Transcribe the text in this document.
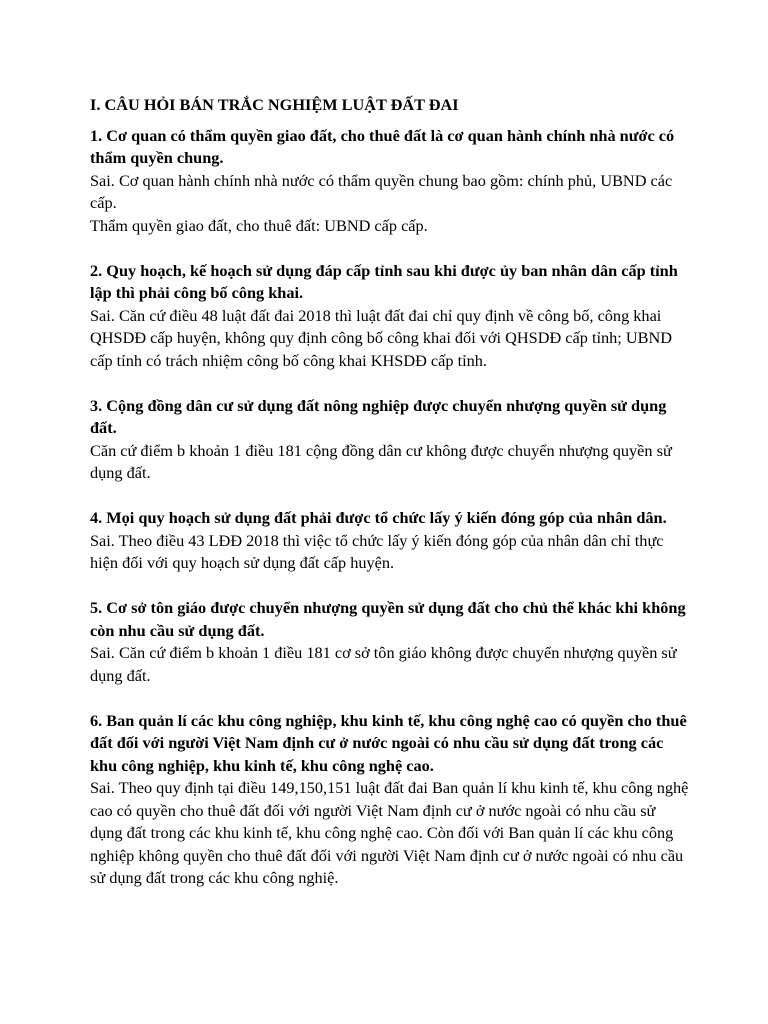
I. CÂU HỎI BÁN TRẮC NGHIỆM LUẬT ĐẤT ĐAI

1. Cơ quan có thẩm quyền giao đất, cho thuê đất là cơ quan hành chính nhà nước có thẩm quyền chung.

Sai. Cơ quan hành chính nhà nước có thẩm quyền chung bao gồm: chính phủ, UBND các cấp.

Thẩm quyền giao đất, cho thuê đất: UBND cấp cấp.

2. Quy hoạch, kế hoạch sử dụng đáp cấp tỉnh sau khi được ủy ban nhân dân cấp tỉnh lập thì phải công bố công khai.

Sai. Căn cứ điều 48 luật đất đai 2018 thì luật đất đai chỉ quy định về công bố, công khai QHSDĐ cấp huyện, không quy định công bố công khai đối với QHSDĐ cấp tỉnh; UBND cấp tỉnh có trách nhiệm công bố công khai KHSDĐ cấp tỉnh.

3. Cộng đồng dân cư sử dụng đất nông nghiệp được chuyển nhượng quyền sử dụng đất.

Căn cứ điểm b khoản 1 điều 181 cộng đồng dân cư không được chuyển nhượng quyền sử dụng đất.

4. Mọi quy hoạch sử dụng đất phải được tổ chức lấy ý kiến đóng góp của nhân dân.

Sai. Theo điều 43 LĐĐ 2018 thì việc tổ chức lấy ý kiến đóng góp của nhân dân chỉ thực hiện đối với quy hoạch sử dụng đất cấp huyện.

5. Cơ sở tôn giáo được chuyển nhượng quyền sử dụng đất cho chủ thể khác khi không còn nhu cầu sử dụng đất.

Sai. Căn cứ điểm b khoản 1 điều 181 cơ sở tôn giáo không được chuyển nhượng quyền sử dụng đất.

6. Ban quản lí các khu công nghiệp, khu kinh tế, khu công nghệ cao có quyền cho thuê đất đối với người Việt Nam định cư ở nước ngoài có nhu cầu sử dụng đất trong các khu công nghiệp, khu kinh tế, khu công nghệ cao.

Sai. Theo quy định tại điều 149,150,151 luật đất đai Ban quản lí khu kinh tế, khu công nghệ cao có quyền cho thuê đất đối với người Việt Nam định cư ở nước ngoài có nhu cầu sử dụng đất trong các khu kinh tế, khu công nghệ cao. Còn đối với Ban quản lí các khu công nghiệp không quyền cho thuê đất đối với người Việt Nam định cư ở nước ngoài có nhu cầu sử dụng đất trong các khu công nghiệ.
